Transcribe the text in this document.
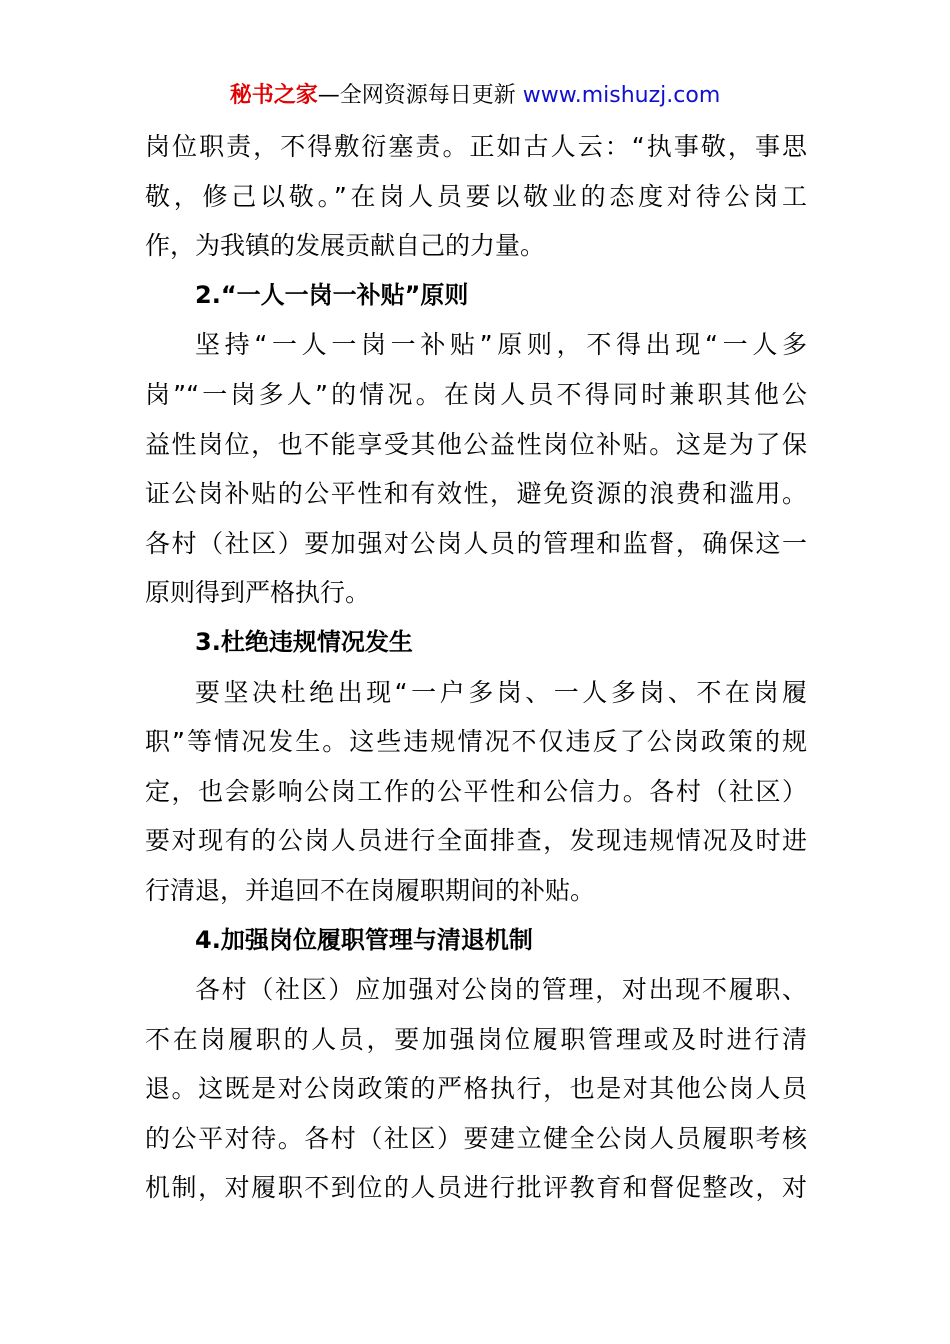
秘书之家—全网资源每日更新 www.mishuzj.com
岗位职责，不得敷衍塞责。正如古人云：“执事敬，事思
敬，修己以敬。”在岗人员要以敬业的态度对待公岗工
作，为我镇的发展贡献自己的力量。
2.“一人一岗一补贴”原则
坚持“一人一岗一补贴”原则，不得出现“一人多
岗”“一岗多人”的情况。在岗人员不得同时兼职其他公
益性岗位，也不能享受其他公益性岗位补贴。这是为了保
证公岗补贴的公平性和有效性，避免资源的浪费和滥用。
各村（社区）要加强对公岗人员的管理和监督，确保这一
原则得到严格执行。
3.杜绝违规情况发生
要坚决杜绝出现“一户多岗、一人多岗、不在岗履
职”等情况发生。这些违规情况不仅违反了公岗政策的规
定，也会影响公岗工作的公平性和公信力。各村（社区）
要对现有的公岗人员进行全面排查，发现违规情况及时进
行清退，并追回不在岗履职期间的补贴。
4.加强岗位履职管理与清退机制
各村（社区）应加强对公岗的管理，对出现不履职、
不在岗履职的人员，要加强岗位履职管理或及时进行清
退。这既是对公岗政策的严格执行，也是对其他公岗人员
的公平对待。各村（社区）要建立健全公岗人员履职考核
机制，对履职不到位的人员进行批评教育和督促整改，对
